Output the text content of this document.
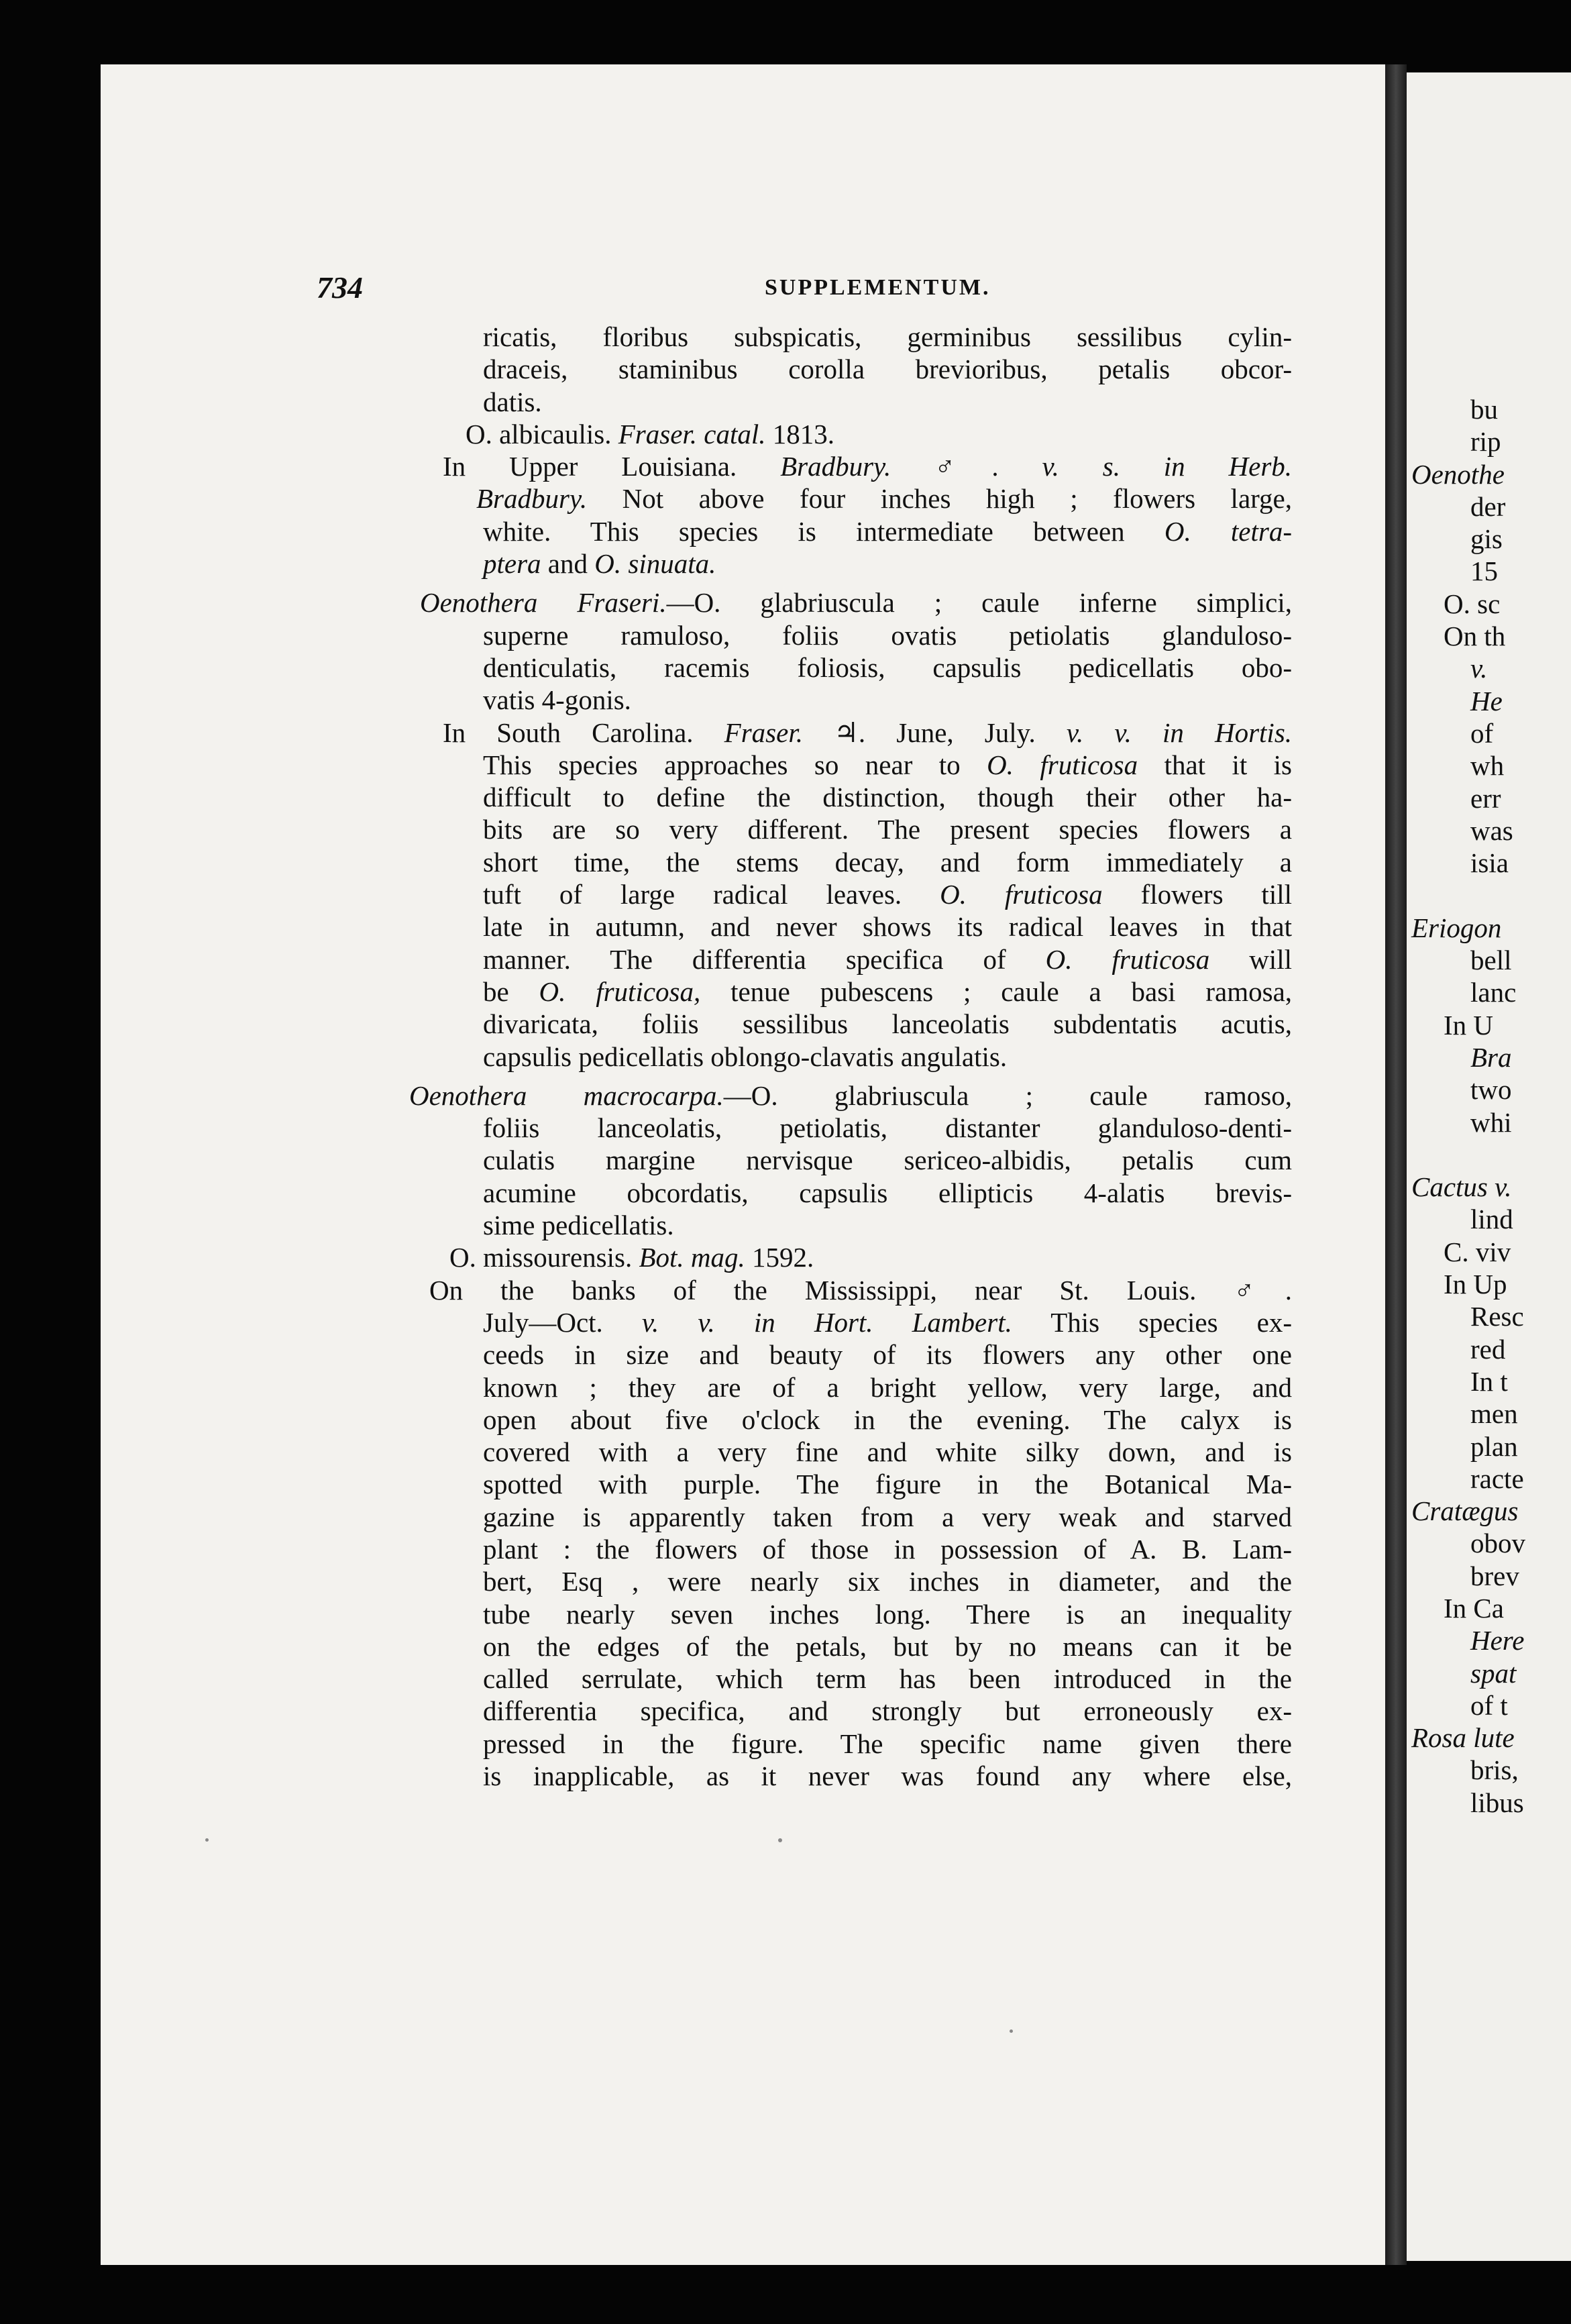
bu
rip
Oenothe
der
gis
15
O. sc
On th
v.
He
of
wh
err
was
isia

Eriogon
bell
lanc
In U
Bra
two
whi

Cactus v.
lind
C. viv
In Up
Resc
red
In t
men
plan
racte
Cratægus
obov
brev
In Ca
Here
spat
of t
Rosa lute
bris,
libus
734	SUPPLEMENTUM.
ricatis, floribus subspicatis, germinibus sessilibus cylin-
draceis, staminibus corolla brevioribus, petalis obcor-
datis.
O. albicaulis. Fraser. catal. 1813.
In Upper Louisiana. Bradbury. ♂. v. s. in Herb.
Bradbury. Not above four inches high ; flowers large,
white. This species is intermediate between O. tetra-
ptera and O. sinuata.
Oenothera Fraseri.—O. glabriuscula ; caule inferne simplici,
superne ramuloso, foliis ovatis petiolatis glanduloso-
denticulatis, racemis foliosis, capsulis pedicellatis obo-
vatis 4-gonis.
In South Carolina. Fraser. ♃. June, July. v. v. in Hortis.
This species approaches so near to O. fruticosa that it is
difficult to define the distinction, though their other ha-
bits are so very different. The present species flowers a
short time, the stems decay, and form immediately a
tuft of large radical leaves. O. fruticosa flowers till
late in autumn, and never shows its radical leaves in that
manner. The differentia specifica of O. fruticosa will
be O. fruticosa, tenue pubescens ; caule a basi ramosa,
divaricata, foliis sessilibus lanceolatis subdentatis acutis,
capsulis pedicellatis oblongo-clavatis angulatis.
Oenothera macrocarpa.—O. glabriuscula ; caule ramoso,
foliis lanceolatis, petiolatis, distanter glanduloso-denti-
culatis margine nervisque sericeo-albidis, petalis cum
acumine obcordatis, capsulis ellipticis 4-alatis brevis-
sime pedicellatis.
O. missourensis. Bot. mag. 1592.
On the banks of the Mississippi, near St. Louis. ♂.
July—Oct. v. v. in Hort. Lambert. This species ex-
ceeds in size and beauty of its flowers any other one
known ; they are of a bright yellow, very large, and
open about five o'clock in the evening. The calyx is
covered with a very fine and white silky down, and is
spotted with purple. The figure in the Botanical Ma-
gazine is apparently taken from a very weak and starved
plant : the flowers of those in possession of A. B. Lam-
bert, Esq , were nearly six inches in diameter, and the
tube nearly seven inches long. There is an inequality
on the edges of the petals, but by no means can it be
called serrulate, which term has been introduced in the
differentia specifica, and strongly but erroneously ex-
pressed in the figure. The specific name given there
is inapplicable, as it never was found any where else,
